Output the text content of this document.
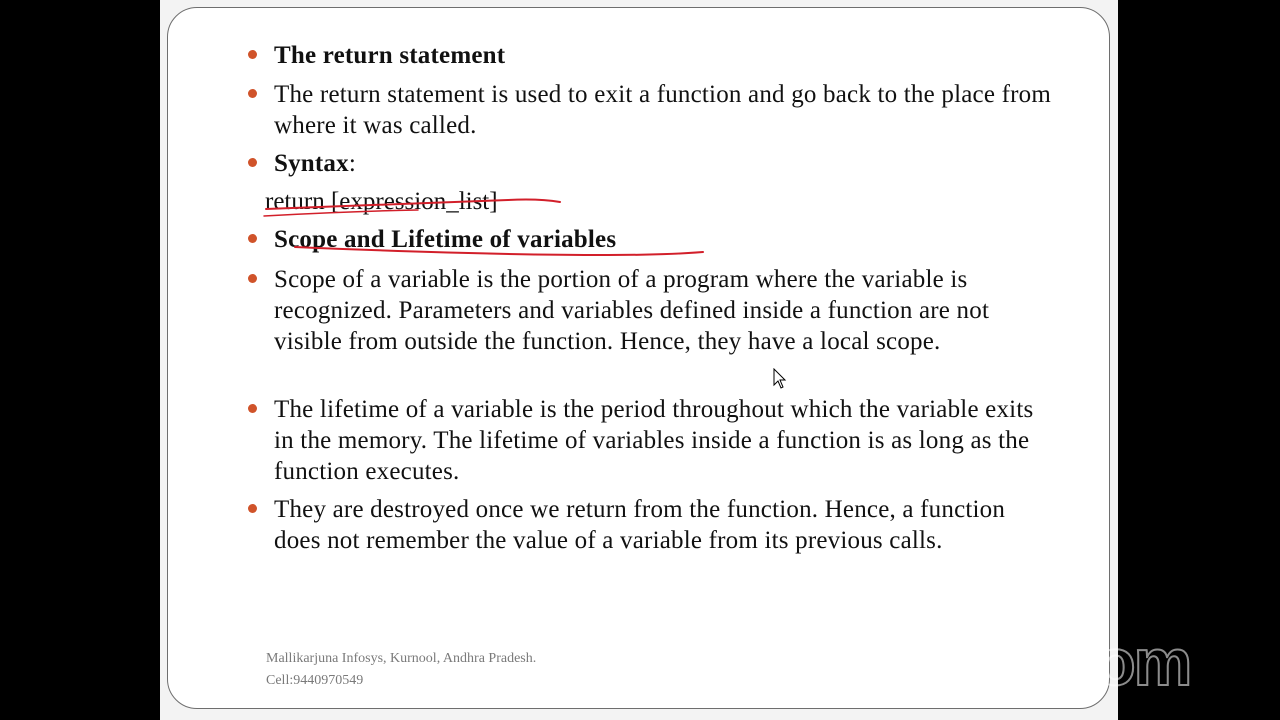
The return statement
The return statement is used to exit a function and go back to the place from where it was called.
Syntax:
return [expression_list]
Scope and Lifetime of variables
Scope of a variable is the portion of a program where the variable is recognized. Parameters and variables defined inside a function are not visible from outside the function. Hence, they have a local scope.
The lifetime of a variable is the period throughout which the variable exits in the memory. The lifetime of variables inside a function is as long as the function executes.
They are destroyed once we return from the function. Hence, a function does not remember the value of a variable from its previous calls.
Mallikarjuna Infosys, Kurnool, Andhra Pradesh.
Cell:9440970549	zoom
